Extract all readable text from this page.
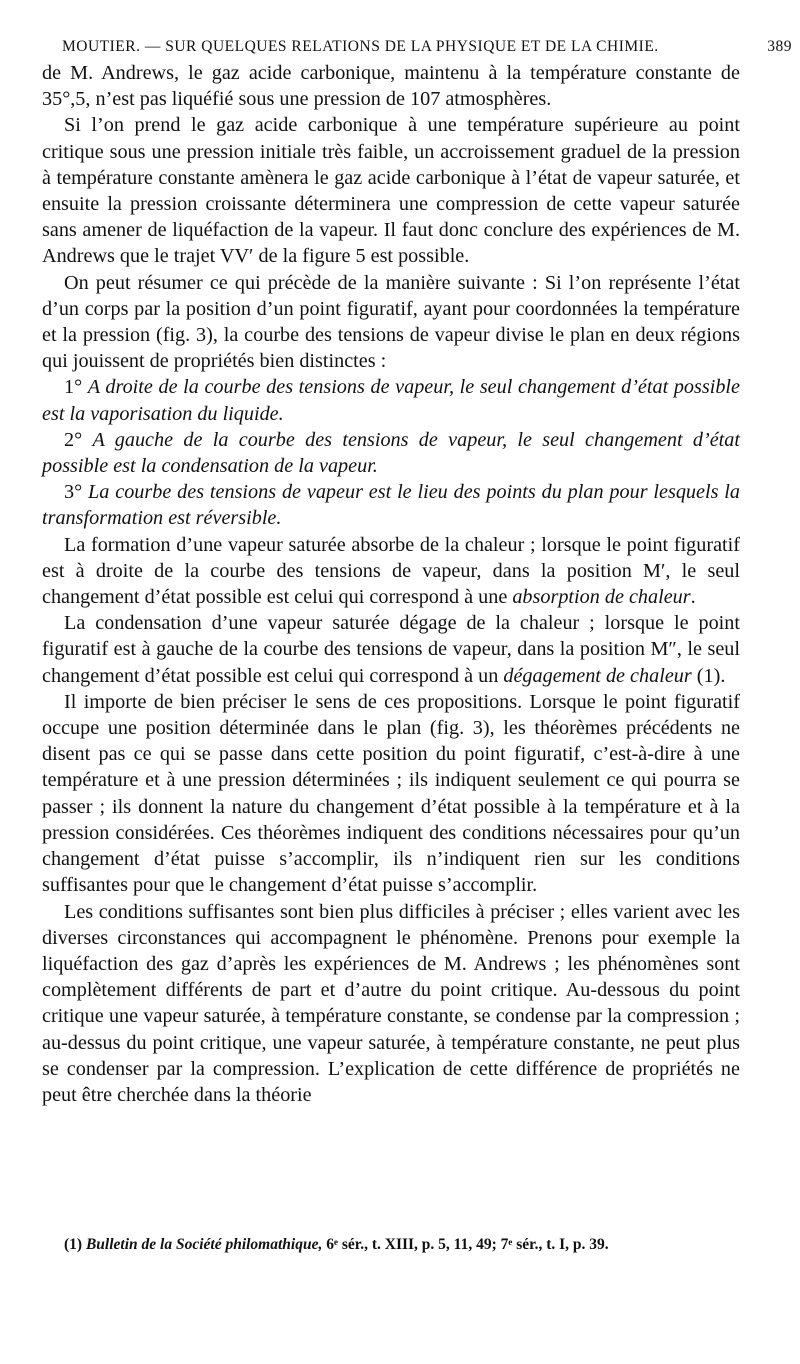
MOUTIER. — SUR QUELQUES RELATIONS DE LA PHYSIQUE ET DE LA CHIMIE.	389

de M. Andrews, le gaz acide carbonique, maintenu à la température constante de 35°,5, n’est pas liquéfié sous une pression de 107 atmosphères.

Si l’on prend le gaz acide carbonique à une température supérieure au point critique sous une pression initiale très faible, un accroissement graduel de la pression à température constante amènera le gaz acide carbonique à l’état de vapeur saturée, et ensuite la pression croissante déterminera une compression de cette vapeur saturée sans amener de liquéfaction de la vapeur. Il faut donc conclure des expériences de M. Andrews que le trajet VV′ de la figure 5 est possible.

On peut résumer ce qui précède de la manière suivante : Si l’on représente l’état d’un corps par la position d’un point figuratif, ayant pour coordonnées la température et la pression (fig. 3), la courbe des tensions de vapeur divise le plan en deux régions qui jouissent de propriétés bien distinctes :

1° A droite de la courbe des tensions de vapeur, le seul changement d’état possible est la vaporisation du liquide.

2° A gauche de la courbe des tensions de vapeur, le seul changement d’état possible est la condensation de la vapeur.

3° La courbe des tensions de vapeur est le lieu des points du plan pour lesquels la transformation est réversible.

La formation d’une vapeur saturée absorbe de la chaleur ; lorsque le point figuratif est à droite de la courbe des tensions de vapeur, dans la position M′, le seul changement d’état possible est celui qui correspond à une absorption de chaleur.

La condensation d’une vapeur saturée dégage de la chaleur ; lorsque le point figuratif est à gauche de la courbe des tensions de vapeur, dans la position M″, le seul changement d’état possible est celui qui correspond à un dégagement de chaleur (1).

Il importe de bien préciser le sens de ces propositions. Lorsque le point figuratif occupe une position déterminée dans le plan (fig. 3), les théorèmes précédents ne disent pas ce qui se passe dans cette position du point figuratif, c’est-à-dire à une température et à une pression déterminées ; ils indiquent seulement ce qui pourra se passer ; ils donnent la nature du changement d’état possible à la température et à la pression considérées. Ces théorèmes indiquent des conditions nécessaires pour qu’un changement d’état puisse s’accomplir, ils n’indiquent rien sur les conditions suffisantes pour que le changement d’état puisse s’accomplir.

Les conditions suffisantes sont bien plus difficiles à préciser ; elles varient avec les diverses circonstances qui accompagnent le phénomène. Prenons pour exemple la liquéfaction des gaz d’après les expériences de M. Andrews ; les phénomènes sont complètement différents de part et d’autre du point critique. Au-dessous du point critique une vapeur saturée, à température constante, se condense par la compression ; au-dessus du point critique, une vapeur saturée, à température constante, ne peut plus se condenser par la compression. L’explication de cette différence de propriétés ne peut être cherchée dans la théorie

(1) Bulletin de la Société philomathique, 6ᵉ sér., t. XIII, p. 5, 11, 49; 7ᵉ sér., t. I, p. 39.
